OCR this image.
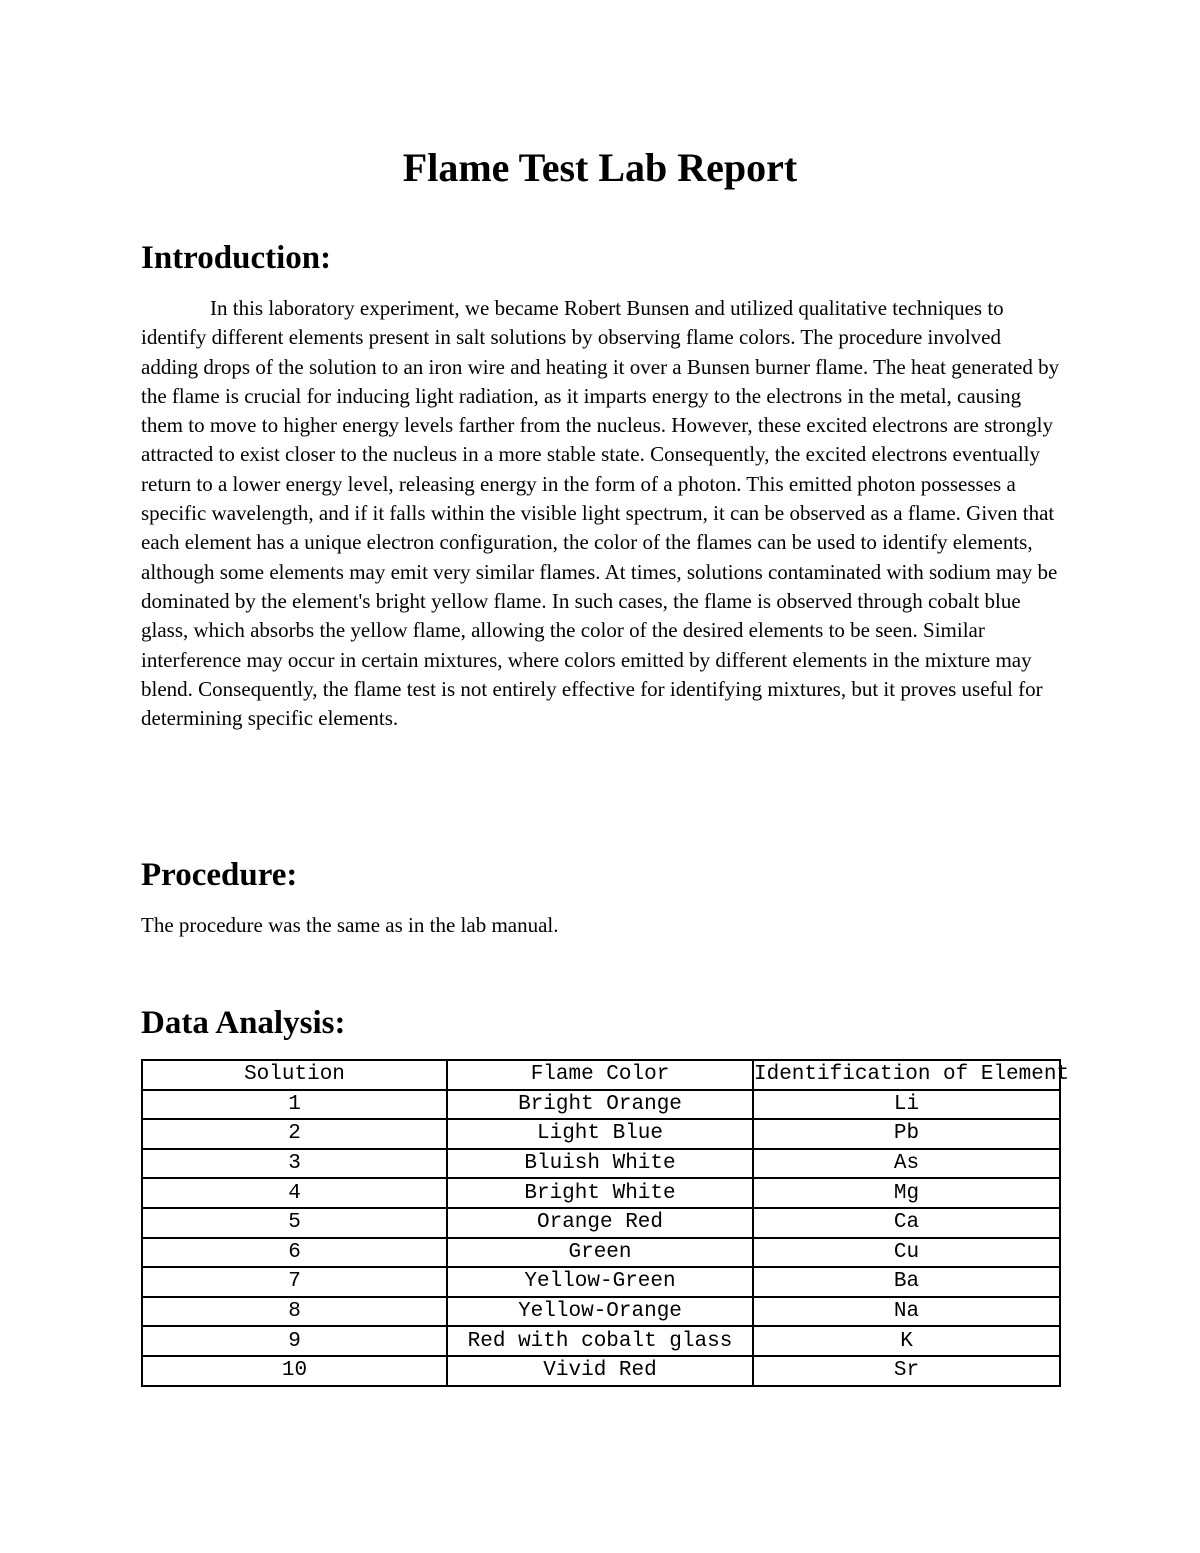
Flame Test Lab Report
Introduction:

In this laboratory experiment, we became Robert Bunsen and utilized qualitative techniques to identify different elements present in salt solutions by observing flame colors. The procedure involved adding drops of the solution to an iron wire and heating it over a Bunsen burner flame. The heat generated by the flame is crucial for inducing light radiation, as it imparts energy to the electrons in the metal, causing them to move to higher energy levels farther from the nucleus. However, these excited electrons are strongly attracted to exist closer to the nucleus in a more stable state. Consequently, the excited electrons eventually return to a lower energy level, releasing energy in the form of a photon. This emitted photon possesses a specific wavelength, and if it falls within the visible light spectrum, it can be observed as a flame. Given that each element has a unique electron configuration, the color of the flames can be used to identify elements, although some elements may emit very similar flames. At times, solutions contaminated with sodium may be dominated by the element's bright yellow flame. In such cases, the flame is observed through cobalt blue glass, which absorbs the yellow flame, allowing the color of the desired elements to be seen. Similar interference may occur in certain mixtures, where colors emitted by different elements in the mixture may blend. Consequently, the flame test is not entirely effective for identifying mixtures, but it proves useful for determining specific elements.

Procedure:

The procedure was the same as in the lab manual.

Data Analysis:
Solution	Flame Color	Identification of Element
1	Bright Orange	Li
2	Light Blue	Pb
3	Bluish White	As
4	Bright White	Mg
5	Orange Red	Ca
6	Green	Cu
7	Yellow-Green	Ba
8	Yellow-Orange	Na
9	Red with cobalt glass	K
10	Vivid Red	Sr
